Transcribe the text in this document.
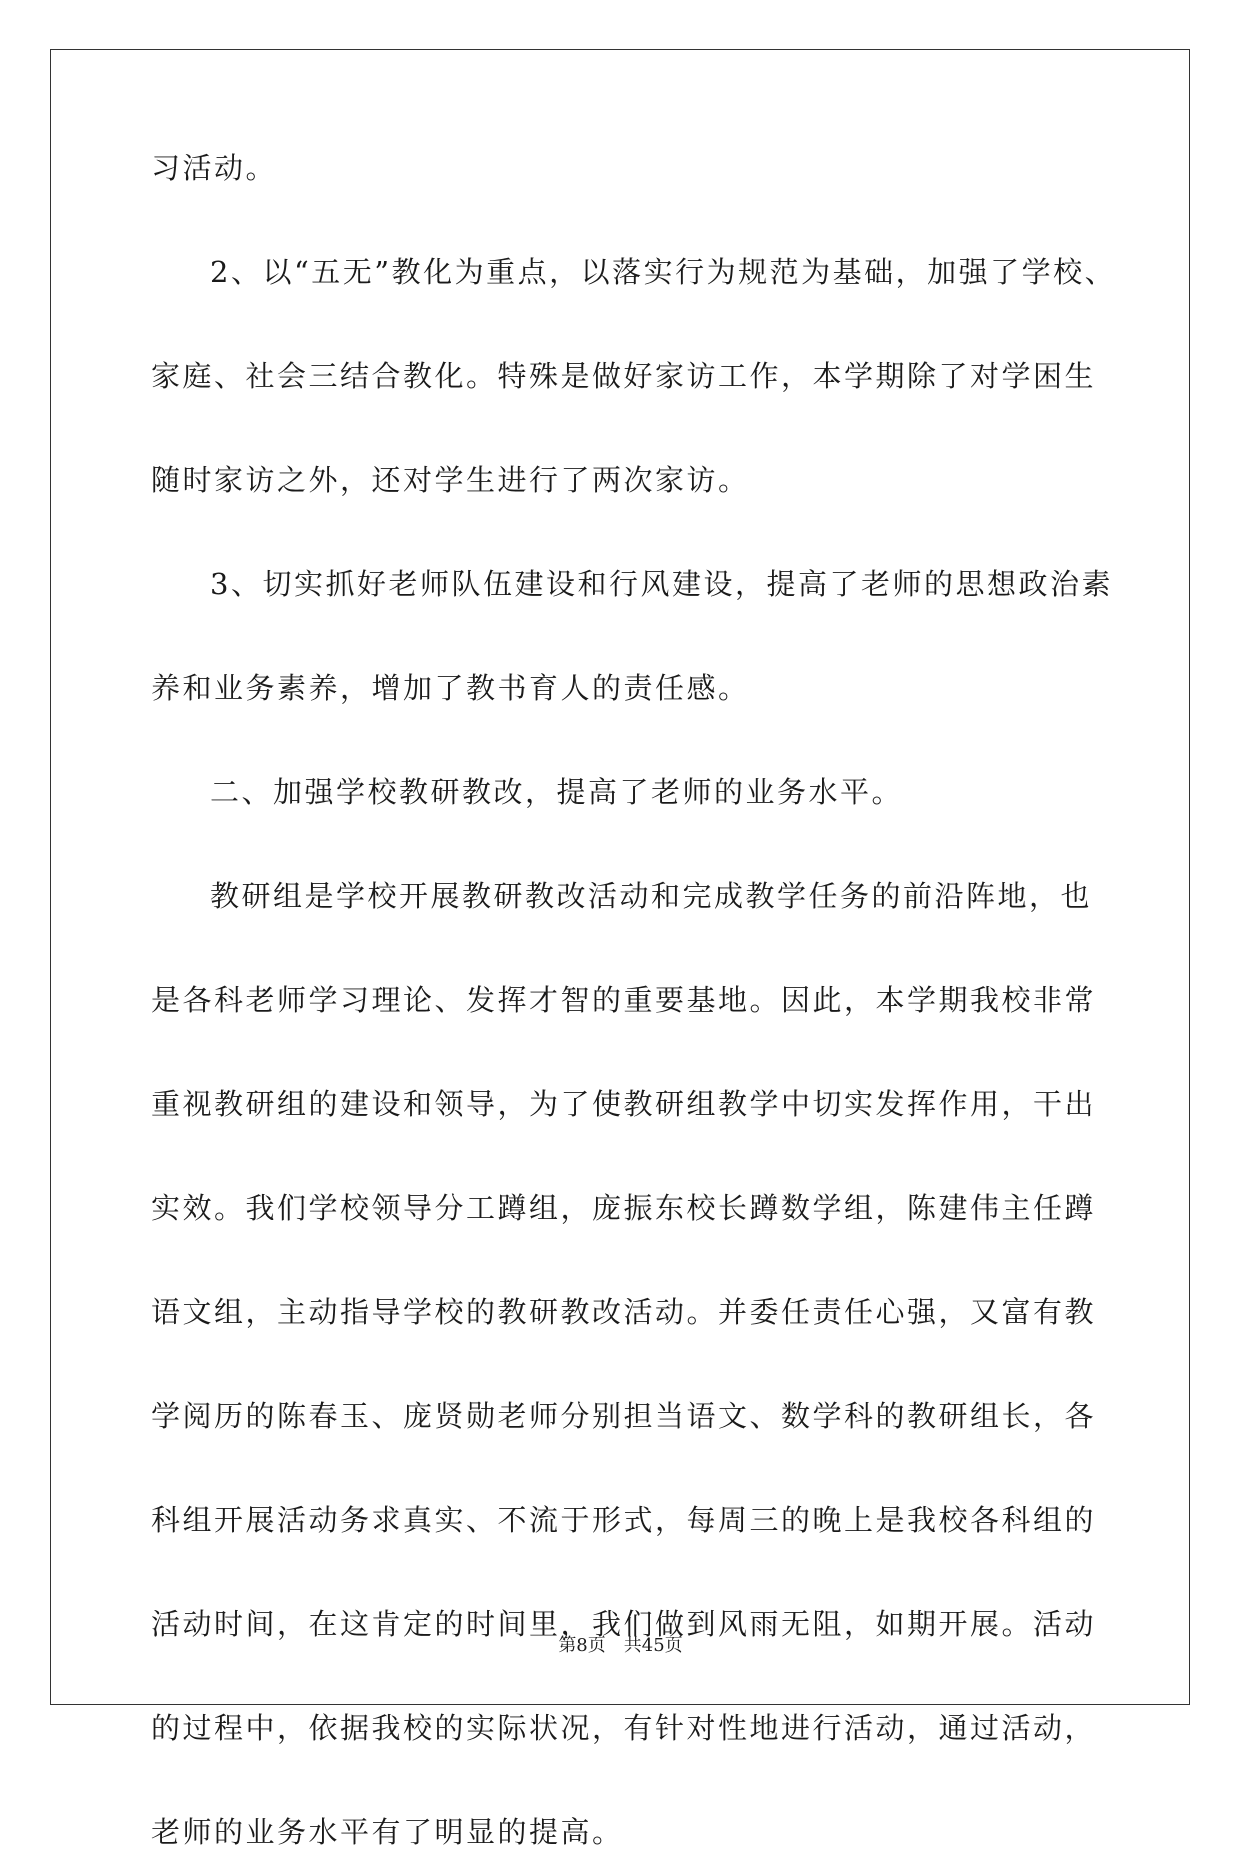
习活动。
2、以“五无”教化为重点，以落实行为规范为基础，加强了学校、
家庭、社会三结合教化。特殊是做好家访工作，本学期除了对学困生
随时家访之外，还对学生进行了两次家访。
3、切实抓好老师队伍建设和行风建设，提高了老师的思想政治素
养和业务素养，增加了教书育人的责任感。
二、加强学校教研教改，提高了老师的业务水平。
教研组是学校开展教研教改活动和完成教学任务的前沿阵地，也
是各科老师学习理论、发挥才智的重要基地。因此，本学期我校非常
重视教研组的建设和领导，为了使教研组教学中切实发挥作用，干出
实效。我们学校领导分工蹲组，庞振东校长蹲数学组，陈建伟主任蹲
语文组，主动指导学校的教研教改活动。并委任责任心强，又富有教
学阅历的陈春玉、庞贤勋老师分别担当语文、数学科的教研组长，各
科组开展活动务求真实、不流于形式，每周三的晚上是我校各科组的
活动时间，在这肯定的时间里，我们做到风雨无阻，如期开展。活动
的过程中，依据我校的实际状况，有针对性地进行活动，通过活动，
老师的业务水平有了明显的提高。
第8页 共45页
